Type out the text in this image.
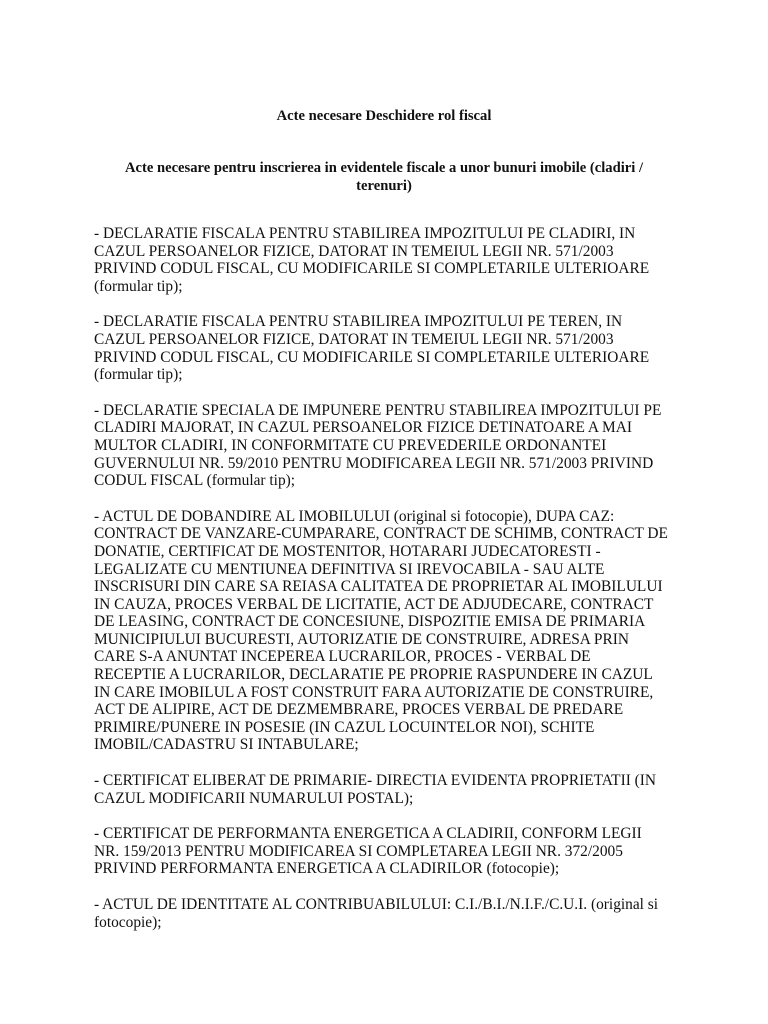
Acte necesare Deschidere rol fiscal
Acte necesare pentru inscrierea in evidentele fiscale a unor bunuri imobile (cladiri /
terenuri)
- DECLARATIE FISCALA PENTRU STABILIREA IMPOZITULUI PE CLADIRI, IN
CAZUL PERSOANELOR FIZICE, DATORAT IN TEMEIUL LEGII NR. 571/2003
PRIVIND CODUL FISCAL, CU MODIFICARILE SI COMPLETARILE ULTERIOARE
(formular tip);
- DECLARATIE FISCALA PENTRU STABILIREA IMPOZITULUI PE TEREN, IN
CAZUL PERSOANELOR FIZICE, DATORAT IN TEMEIUL LEGII NR. 571/2003
PRIVIND CODUL FISCAL, CU MODIFICARILE SI COMPLETARILE ULTERIOARE
(formular tip);
- DECLARATIE SPECIALA DE IMPUNERE PENTRU STABILIREA IMPOZITULUI PE
CLADIRI MAJORAT, IN CAZUL PERSOANELOR FIZICE DETINATOARE A MAI
MULTOR CLADIRI, IN CONFORMITATE CU PREVEDERILE ORDONANTEI
GUVERNULUI NR. 59/2010 PENTRU MODIFICAREA LEGII NR. 571/2003 PRIVIND
CODUL FISCAL (formular tip);
- ACTUL DE DOBANDIRE AL IMOBILULUI (original si fotocopie), DUPA CAZ:
CONTRACT DE VANZARE-CUMPARARE, CONTRACT DE SCHIMB, CONTRACT DE
DONATIE, CERTIFICAT DE MOSTENITOR, HOTARARI JUDECATORESTI -
LEGALIZATE CU MENTIUNEA DEFINITIVA SI IREVOCABILA - SAU ALTE
INSCRISURI DIN CARE SA REIASA CALITATEA DE PROPRIETAR AL IMOBILULUI
IN CAUZA, PROCES VERBAL DE LICITATIE, ACT DE ADJUDECARE, CONTRACT
DE LEASING, CONTRACT DE CONCESIUNE, DISPOZITIE EMISA DE PRIMARIA
MUNICIPIULUI BUCURESTI, AUTORIZATIE DE CONSTRUIRE, ADRESA PRIN
CARE S-A ANUNTAT INCEPEREA LUCRARILOR, PROCES - VERBAL DE
RECEPTIE A LUCRARILOR, DECLARATIE PE PROPRIE RASPUNDERE IN CAZUL
IN CARE IMOBILUL A FOST CONSTRUIT FARA AUTORIZATIE DE CONSTRUIRE,
ACT DE ALIPIRE, ACT DE DEZMEMBRARE, PROCES VERBAL DE PREDARE
PRIMIRE/PUNERE IN POSESIE (IN CAZUL LOCUINTELOR NOI), SCHITE
IMOBIL/CADASTRU SI INTABULARE;
- CERTIFICAT ELIBERAT DE PRIMARIE- DIRECTIA EVIDENTA PROPRIETATII (IN
CAZUL MODIFICARII NUMARULUI POSTAL);
- CERTIFICAT DE PERFORMANTA ENERGETICA A CLADIRII, CONFORM LEGII
NR. 159/2013 PENTRU MODIFICAREA SI COMPLETAREA LEGII NR. 372/2005
PRIVIND PERFORMANTA ENERGETICA A CLADIRILOR (fotocopie);
- ACTUL DE IDENTITATE AL CONTRIBUABILULUI: C.I./B.I./N.I.F./C.U.I. (original si
fotocopie);
